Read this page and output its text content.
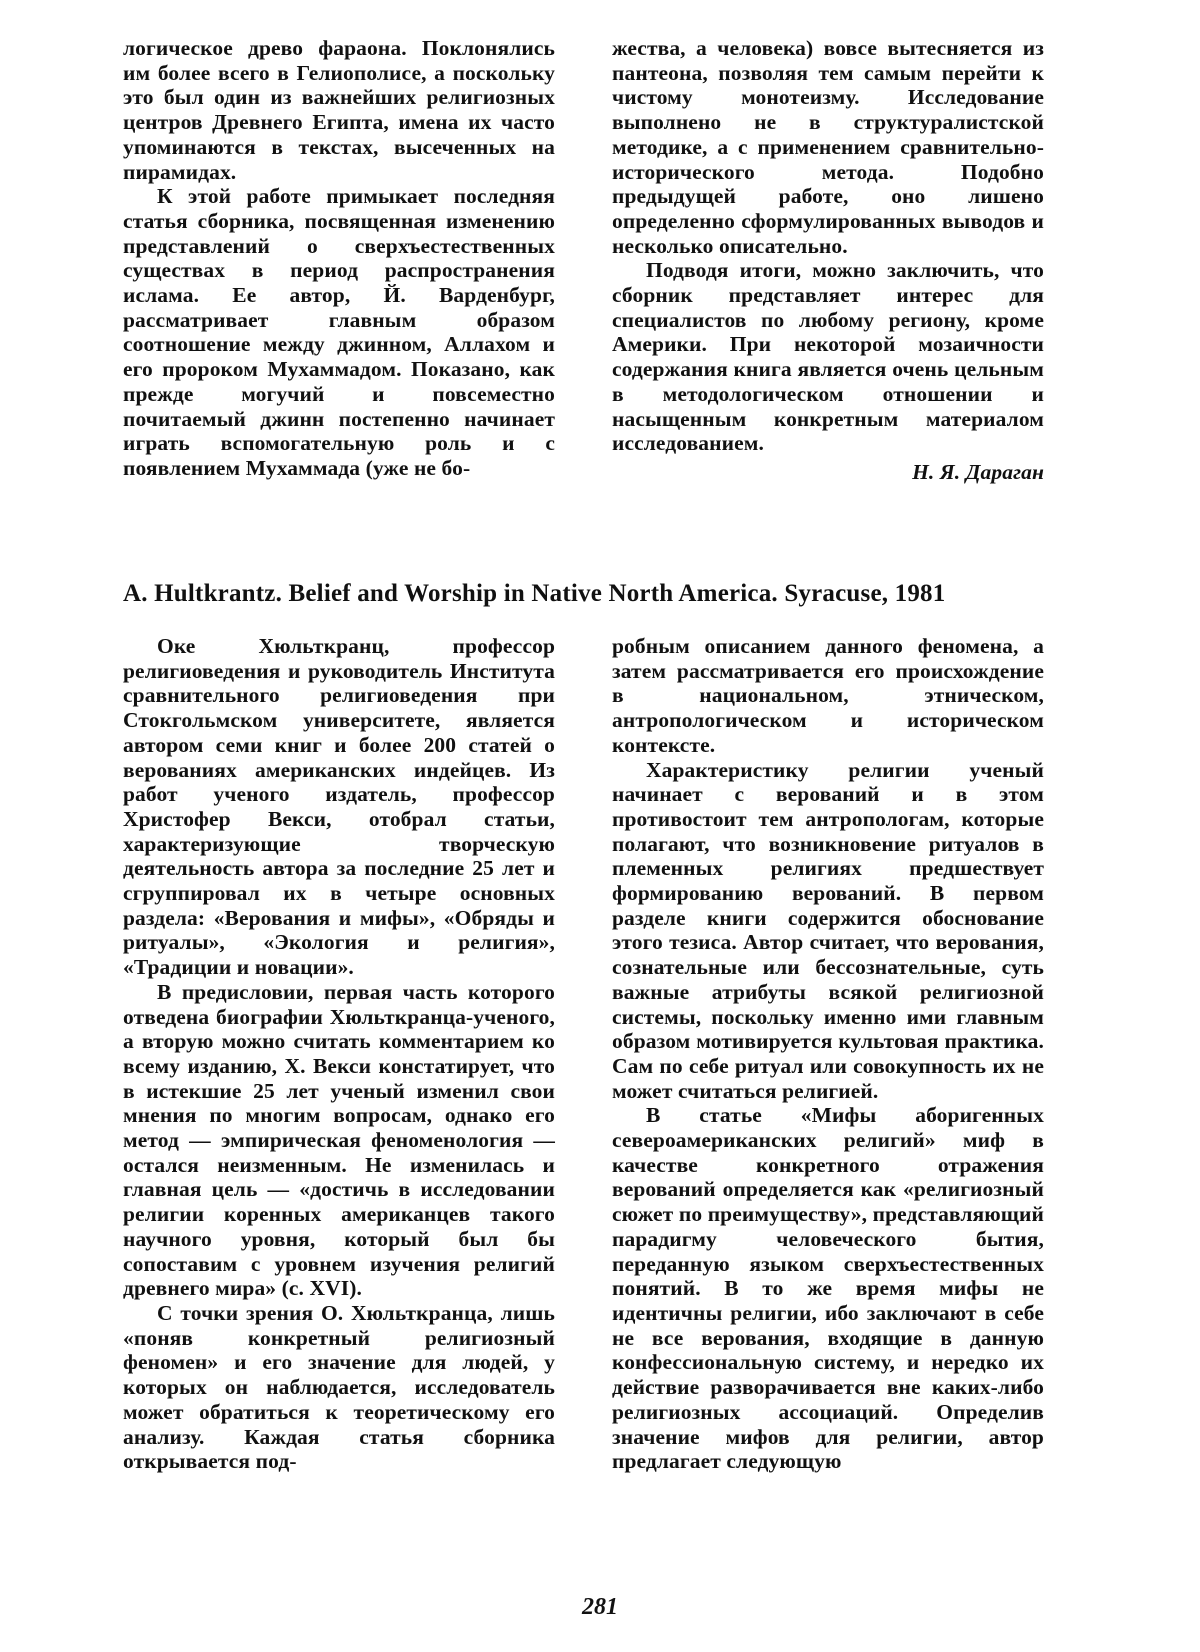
логическое древо фараона. Поклонялись им более всего в Гелиополисе, а поскольку это был один из важнейших религиозных центров Древнего Египта, имена их часто упоминаются в текстах, высеченных на пирамидах.

К этой работе примыкает последняя статья сборника, посвященная изменению представлений о сверхъестественных существах в период распространения ислама. Ее автор, Й. Варденбург, рассматривает главным образом соотношение между джинном, Аллахом и его пророком Мухаммадом. Показано, как прежде могучий и повсеместно почитаемый джинн постепенно начинает играть вспомогательную роль и с появлением Мухаммада (уже не бо-

жества, а человека) вовсе вытесняется из пантеона, позволяя тем самым перейти к чистому монотеизму. Исследование выполнено не в структуралистской методике, а с применением сравнительно-исторического метода. Подобно предыдущей работе, оно лишено определенно сформулированных выводов и несколько описательно.

Подводя итоги, можно заключить, что сборник представляет интерес для специалистов по любому региону, кроме Америки. При некоторой мозаичности содержания книга является очень цельным в методологическом отношении и насыщенным конкретным материалом исследованием.

Н. Я. Дараган
A. Hultkrantz. Belief and Worship in Native North America. Syracuse, 1981

Оке Хюльткранц, профессор религиоведения и руководитель Института сравнительного религиоведения при Стокгольмском университете, является автором семи книг и более 200 статей о верованиях американских индейцев. Из работ ученого издатель, профессор Христофер Векси, отобрал статьи, характеризующие творческую деятельность автора за последние 25 лет и сгруппировал их в четыре основных раздела: «Верования и мифы», «Обряды и ритуалы», «Экология и религия», «Традиции и новации».

В предисловии, первая часть которого отведена биографии Хюльткранца-ученого, а вторую можно считать комментарием ко всему изданию, Х. Векси констатирует, что в истекшие 25 лет ученый изменил свои мнения по многим вопросам, однако его метод — эмпирическая феноменология — остался неизменным. Не изменилась и главная цель — «достичь в исследовании религии коренных американцев такого научного уровня, который был бы сопоставим с уровнем изучения религий древнего мира» (с. XVI).

С точки зрения О. Хюльткранца, лишь «поняв конкретный религиозный феномен» и его значение для людей, у которых он наблюдается, исследователь может обратиться к теоретическому его анализу. Каждая статья сборника открывается под-

робным описанием данного феномена, а затем рассматривается его происхождение в национальном, этническом, антропологическом и историческом контексте.

Характеристику религии ученый начинает с верований и в этом противостоит тем антропологам, которые полагают, что возникновение ритуалов в племенных религиях предшествует формированию верований. В первом разделе книги содержится обоснование этого тезиса. Автор считает, что верования, сознательные или бессознательные, суть важные атрибуты всякой религиозной системы, поскольку именно ими главным образом мотивируется культовая практика. Сам по себе ритуал или совокупность их не может считаться религией.

В статье «Мифы аборигенных североамериканских религий» миф в качестве конкретного отражения верований определяется как «религиозный сюжет по преимуществу», представляющий парадигму человеческого бытия, переданную языком сверхъестественных понятий. В то же время мифы не идентичны религии, ибо заключают в себе не все верования, входящие в данную конфессиональную систему, и нередко их действие разворачивается вне каких-либо религиозных ассоциаций. Определив значение мифов для религии, автор предлагает следующую

281
